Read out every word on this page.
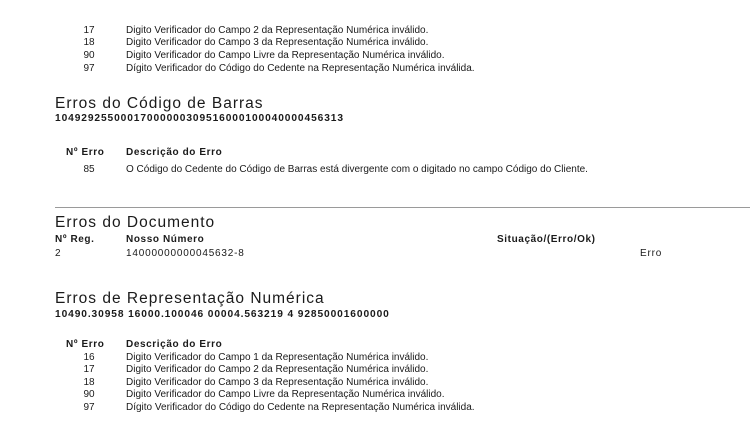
17	Digito Verificador do Campo 2 da Representação Numérica inválido.
18	Digito Verificador do Campo 3 da Representação Numérica inválido.
90	Digito Verificador do Campo Livre da Representação Numérica inválido.
97	Dígito Verificador do Código do Cedente na Representação Numérica inválida.
Erros do Código de Barras
10492925500017000000309516000100040000456313
Nº Erro Descrição do Erro
85	O Código do Cedente do Código de Barras está divergente com o digitado no campo Código do Cliente.
Erros do Documento
Nº Reg.	Nosso Número	Situação/(Erro/Ok)
2	14000000000045632-8	Erro
Erros de Representação Numérica
10490.30958 16000.100046 00004.563219 4 92850001600000
Nº Erro Descrição do Erro
16	Digito Verificador do Campo 1 da Representação Numérica inválido.
17	Digito Verificador do Campo 2 da Representação Numérica inválido.
18	Digito Verificador do Campo 3 da Representação Numérica inválido.
90	Digito Verificador do Campo Livre da Representação Numérica inválido.
97	Dígito Verificador do Código do Cedente na Representação Numérica inválida.
